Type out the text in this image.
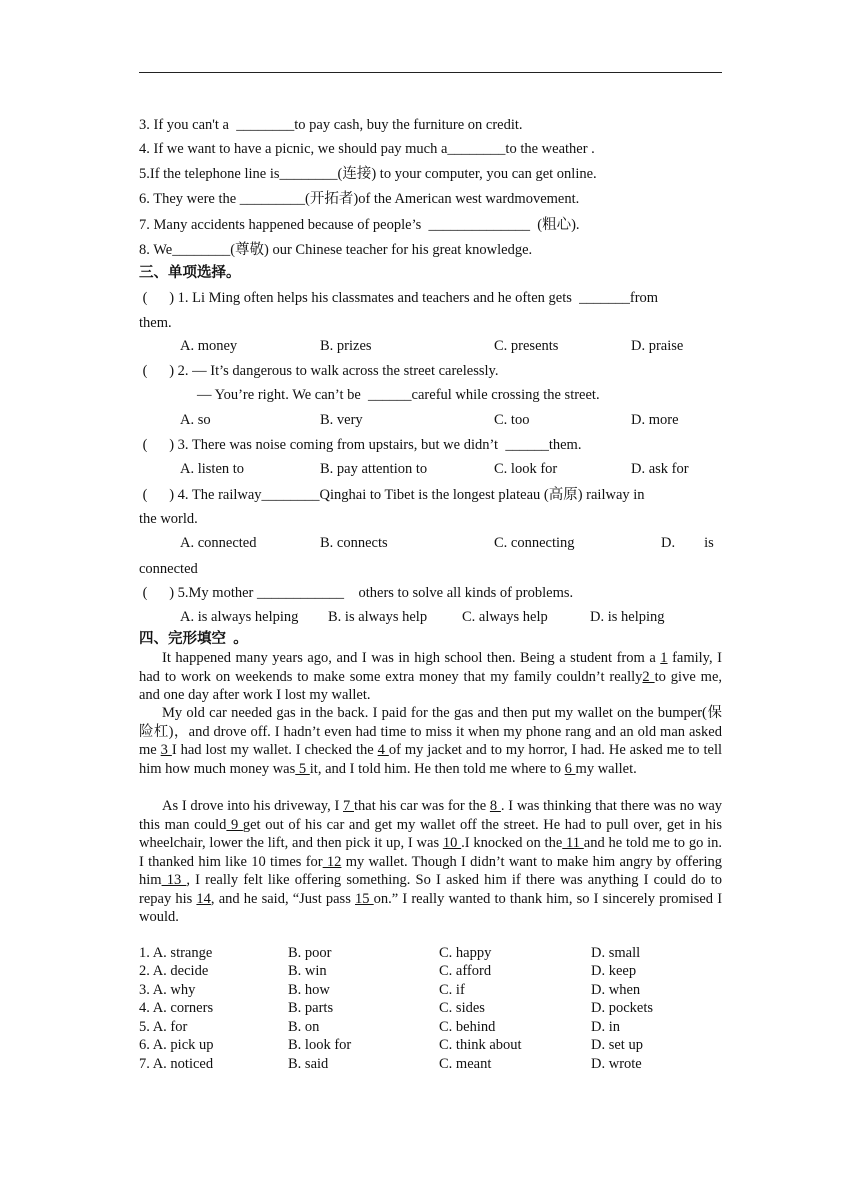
3. If you can't a  ________to pay cash, buy the furniture on credit.
4. If we want to have a picnic, we should pay much a________to the weather .
5.If the telephone line is________(连接) to your computer, you can get online.
6. They were the _________(开拓者)of the American west wardmovement.
7. Many accidents happened because of people’s  ______________  (粗心).
8. We________(尊敬) our Chinese teacher for his great knowledge.
三、单项选择。
(      ) 1. Li Ming often helps his classmates and teachers and he often gets  _______from
them.
A. money	B. prizes	C. presents	D. praise
(      ) 2. — It’s dangerous to walk across the street carelessly.
— You’re right. We can’t be  ______careful while crossing the street.
A. so	B. very	C. too	D. more
(      ) 3. There was noise coming from upstairs, but we didn’t  ______them.
A. listen to	B. pay attention to	C. look for	D. ask for
(      ) 4. The railway________Qinghai to Tibet is the longest plateau (高原) railway in
the world.
A. connected	B. connects	C. connecting	D.        is
connected
(      ) 5.My mother ____________    others to solve all kinds of problems.
A. is always helping B. is always help C. always help	D. is helping
四、完形填空  。
It happened many years ago, and I was in high school then. Being a student from a 1 family, I had to work on weekends to make some extra money that my family couldn’t really2 to give me, and one day after work I lost my wallet.
My old car needed gas in the back. I paid for the gas and then put my wallet on the bumper(保险杠)，and drove off. I hadn’t even had time to miss it when my phone rang and an old man asked me 3 I had lost my wallet. I checked the 4 of my jacket and to my horror, I had. He asked me to tell him how much money was 5 it, and I told him. He then told me where to 6 my wallet.
As I drove into his driveway, I 7 that his car was for the 8 . I was thinking that there was no way this man could 9 get out of his car and get my wallet off the street. He had to pull over, get in his wheelchair, lower the lift, and then pick it up, I was 10 .I knocked on the 11 and he told me to go in. I thanked him like 10 times for 12 my wallet. Though I didn’t want to make him angry by offering him 13 , I really felt like offering something. So I asked him if there was anything I could do to repay his 14, and he said, “Just pass 15 on.” I really wanted to thank him, so I sincerely promised I would.
1. A. strange	B. poor	C. happy	D. small
2. A. decide	B. win	C. afford	D. keep
3. A. why	B. how	C. if	D. when
4. A. corners	B. parts	C. sides	D. pockets
5. A. for	B. on	C. behind	D. in
6. A. pick up	B. look for	C. think about	D. set up
7. A. noticed	B. said	C. meant	D. wrote
